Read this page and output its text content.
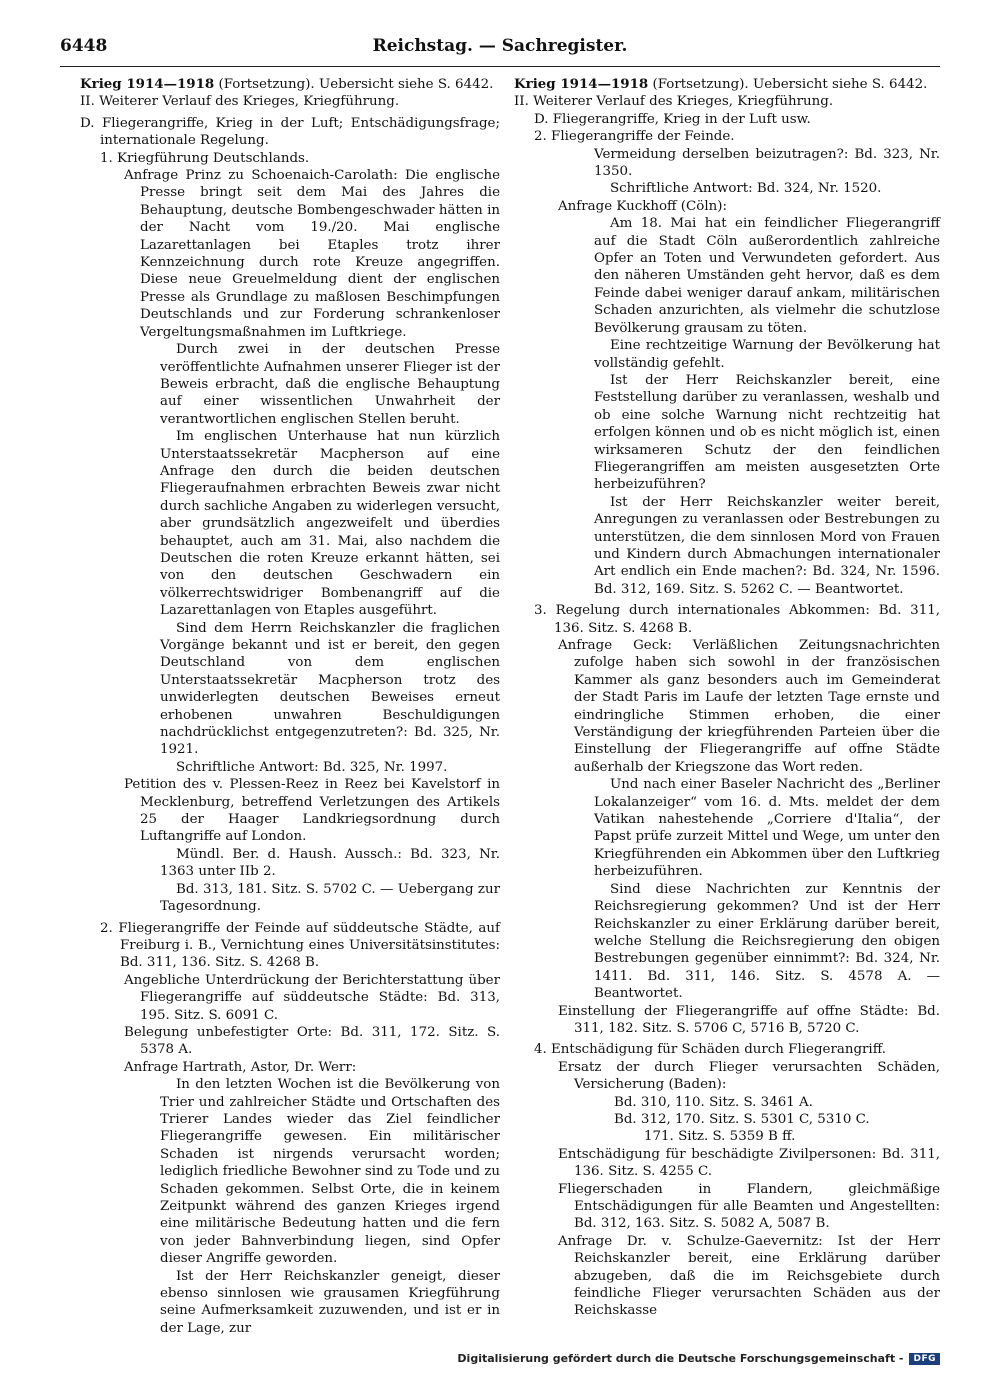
6448	Reichstag. — Sachregister.

Krieg 1914—1918 (Fortsetzung). Uebersicht siehe S. 6442.

II. Weiterer Verlauf des Krieges, Kriegführung.

D. Fliegerangriffe, Krieg in der Luft; Entschädigungsfrage; internationale Regelung.

1. Kriegführung Deutschlands.

Anfrage Prinz zu Schoenaich-Carolath: Die englische Presse bringt seit dem Mai des Jahres die Behauptung, deutsche Bombengeschwader hätten in der Nacht vom 19./20. Mai englische Lazarettanlagen bei Etaples trotz ihrer Kennzeichnung durch rote Kreuze angegriffen. Diese neue Greuelmeldung dient der englischen Presse als Grundlage zu maßlosen Beschimpfungen Deutschlands und zur Forderung schrankenloser Vergeltungsmaßnahmen im Luftkriege.

Durch zwei in der deutschen Presse veröffentlichte Aufnahmen unserer Flieger ist der Beweis erbracht, daß die englische Behauptung auf einer wissentlichen Unwahrheit der verantwortlichen englischen Stellen beruht.

Im englischen Unterhause hat nun kürzlich Unterstaatssekretär Macpherson auf eine Anfrage den durch die beiden deutschen Fliegeraufnahmen erbrachten Beweis zwar nicht durch sachliche Angaben zu widerlegen versucht, aber grundsätzlich angezweifelt und überdies behauptet, auch am 31. Mai, also nachdem die Deutschen die roten Kreuze erkannt hätten, sei von den deutschen Geschwadern ein völkerrechtswidriger Bombenangriff auf die Lazarettanlagen von Etaples ausgeführt.

Sind dem Herrn Reichskanzler die fraglichen Vorgänge bekannt und ist er bereit, den gegen Deutschland von dem englischen Unterstaatssekretär Macpherson trotz des unwiderlegten deutschen Beweises erneut erhobenen unwahren Beschuldigungen nachdrücklichst entgegenzutreten?: Bd. 325, Nr. 1921.

Schriftliche Antwort: Bd. 325, Nr. 1997.

Petition des v. Plessen-Reez in Reez bei Kavelstorf in Mecklenburg, betreffend Verletzungen des Artikels 25 der Haager Landkriegsordnung durch Luftangriffe auf London.

Mündl. Ber. d. Haush. Aussch.: Bd. 323, Nr. 1363 unter IIb 2.

Bd. 313, 181. Sitz. S. 5702 C. — Uebergang zur Tagesordnung.

2. Fliegerangriffe der Feinde auf süddeutsche Städte, auf Freiburg i. B., Vernichtung eines Universitätsinstitutes: Bd. 311, 136. Sitz. S. 4268 B.

Angebliche Unterdrückung der Berichterstattung über Fliegerangriffe auf süddeutsche Städte: Bd. 313, 195. Sitz. S. 6091 C.

Belegung unbefestigter Orte: Bd. 311, 172. Sitz. S. 5378 A.

Anfrage Hartrath, Astor, Dr. Werr:

In den letzten Wochen ist die Bevölkerung von Trier und zahlreicher Städte und Ortschaften des Trierer Landes wieder das Ziel feindlicher Fliegerangriffe gewesen. Ein militärischer Schaden ist nirgends verursacht worden; lediglich friedliche Bewohner sind zu Tode und zu Schaden gekommen. Selbst Orte, die in keinem Zeitpunkt während des ganzen Krieges irgend eine militärische Bedeutung hatten und die fern von jeder Bahnverbindung liegen, sind Opfer dieser Angriffe geworden.

Ist der Herr Reichskanzler geneigt, dieser ebenso sinnlosen wie grausamen Kriegführung seine Aufmerksamkeit zuzuwenden, und ist er in der Lage, zur

Krieg 1914—1918 (Fortsetzung). Uebersicht siehe S. 6442.

II. Weiterer Verlauf des Krieges, Kriegführung.

D. Fliegerangriffe, Krieg in der Luft usw.

2. Fliegerangriffe der Feinde.

Vermeidung derselben beizutragen?: Bd. 323, Nr. 1350.

Schriftliche Antwort: Bd. 324, Nr. 1520.

Anfrage Kuckhoff (Cöln):

Am 18. Mai hat ein feindlicher Fliegerangriff auf die Stadt Cöln außerordentlich zahlreiche Opfer an Toten und Verwundeten gefordert. Aus den näheren Umständen geht hervor, daß es dem Feinde dabei weniger darauf ankam, militärischen Schaden anzurichten, als vielmehr die schutzlose Bevölkerung grausam zu töten.

Eine rechtzeitige Warnung der Bevölkerung hat vollständig gefehlt.

Ist der Herr Reichskanzler bereit, eine Feststellung darüber zu veranlassen, weshalb und ob eine solche Warnung nicht rechtzeitig hat erfolgen können und ob es nicht möglich ist, einen wirksameren Schutz der den feindlichen Fliegerangriffen am meisten ausgesetzten Orte herbeizuführen?

Ist der Herr Reichskanzler weiter bereit, Anregungen zu veranlassen oder Bestrebungen zu unterstützen, die dem sinnlosen Mord von Frauen und Kindern durch Abmachungen internationaler Art endlich ein Ende machen?: Bd. 324, Nr. 1596. Bd. 312, 169. Sitz. S. 5262 C. — Beantwortet.

3. Regelung durch internationales Abkommen: Bd. 311, 136. Sitz. S. 4268 B.

Anfrage Geck: Verläßlichen Zeitungsnachrichten zufolge haben sich sowohl in der französischen Kammer als ganz besonders auch im Gemeinderat der Stadt Paris im Laufe der letzten Tage ernste und eindringliche Stimmen erhoben, die einer Verständigung der kriegführenden Parteien über die Einstellung der Fliegerangriffe auf offne Städte außerhalb der Kriegszone das Wort reden.

Und nach einer Baseler Nachricht des „Berliner Lokalanzeiger“ vom 16. d. Mts. meldet der dem Vatikan nahestehende „Corriere d'Italia“, der Papst prüfe zurzeit Mittel und Wege, um unter den Kriegführenden ein Abkommen über den Luftkrieg herbeizuführen.

Sind diese Nachrichten zur Kenntnis der Reichsregierung gekommen? Und ist der Herr Reichskanzler zu einer Erklärung darüber bereit, welche Stellung die Reichsregierung den obigen Bestrebungen gegenüber einnimmt?: Bd. 324, Nr. 1411. Bd. 311, 146. Sitz. S. 4578 A. — Beantwortet.

Einstellung der Fliegerangriffe auf offne Städte: Bd. 311, 182. Sitz. S. 5706 C, 5716 B, 5720 C.

4. Entschädigung für Schäden durch Fliegerangriff.

Ersatz der durch Flieger verursachten Schäden, Versicherung (Baden):

Bd. 310, 110. Sitz. S. 3461 A.

Bd. 312, 170. Sitz. S. 5301 C, 5310 C.

171. Sitz. S. 5359 B ff.

Entschädigung für beschädigte Zivilpersonen: Bd. 311, 136. Sitz. S. 4255 C.

Fliegerschaden in Flandern, gleichmäßige Entschädigungen für alle Beamten und Angestellten: Bd. 312, 163. Sitz. S. 5082 A, 5087 B.

Anfrage Dr. v. Schulze-Gaevernitz: Ist der Herr Reichskanzler bereit, eine Erklärung darüber abzugeben, daß die im Reichsgebiete durch feindliche Flieger verursachten Schäden aus der Reichskasse

Digitalisierung gefördert durch die Deutsche Forschungsgemeinschaft -	DFG
